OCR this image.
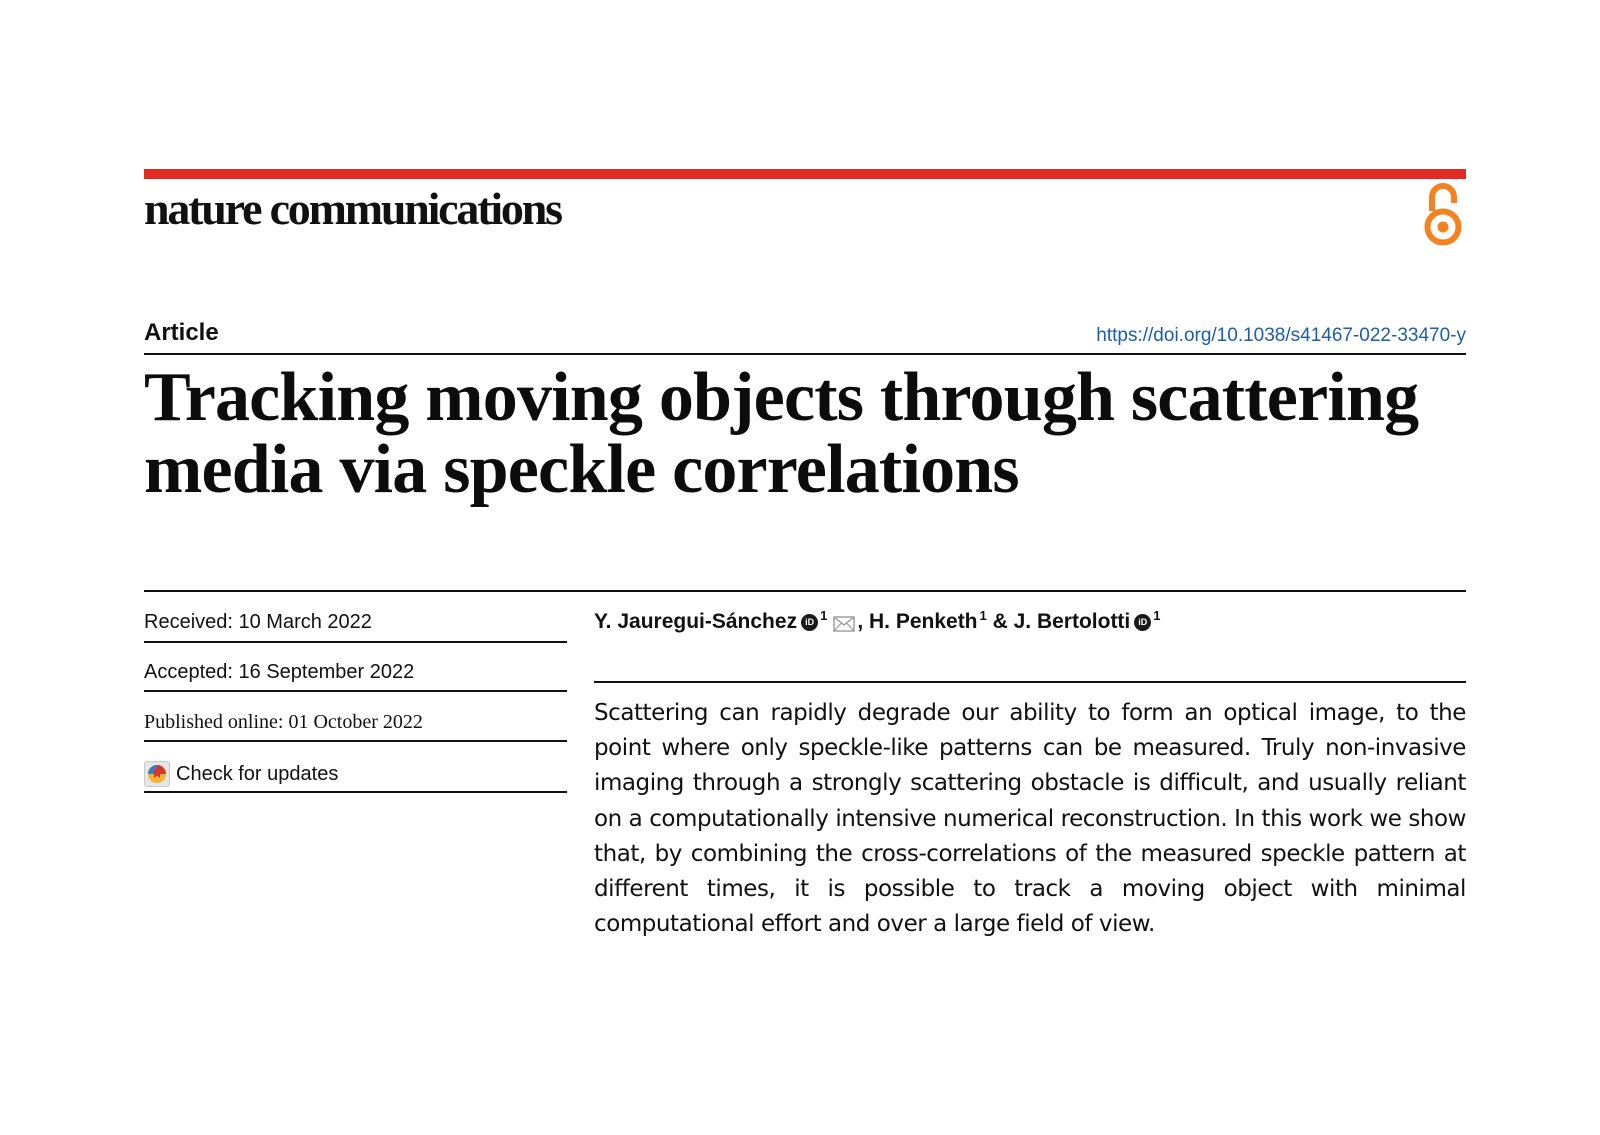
nature communications
Article	https://doi.org/10.1038/s41467-022-33470-y
Tracking moving objects through scattering media via speckle correlations
Received: 10 March 2022
Accepted: 16 September 2022
Published online: 01 October 2022
Check for updates
Y. Jauregui-Sánchez iD $^1$ , H. Penketh$^1$ & J. Bertolotti iD $^1$

Scattering can rapidly degrade our ability to form an optical image, to the point where only speckle-like patterns can be measured. Truly non-invasive imaging through a strongly scattering obstacle is difficult, and usually reliant on a computationally intensive numerical reconstruction. In this work we show that, by combining the cross-correlations of the measured speckle pattern at different times, it is possible to track a moving object with minimal computational effort and over a large field of view.
